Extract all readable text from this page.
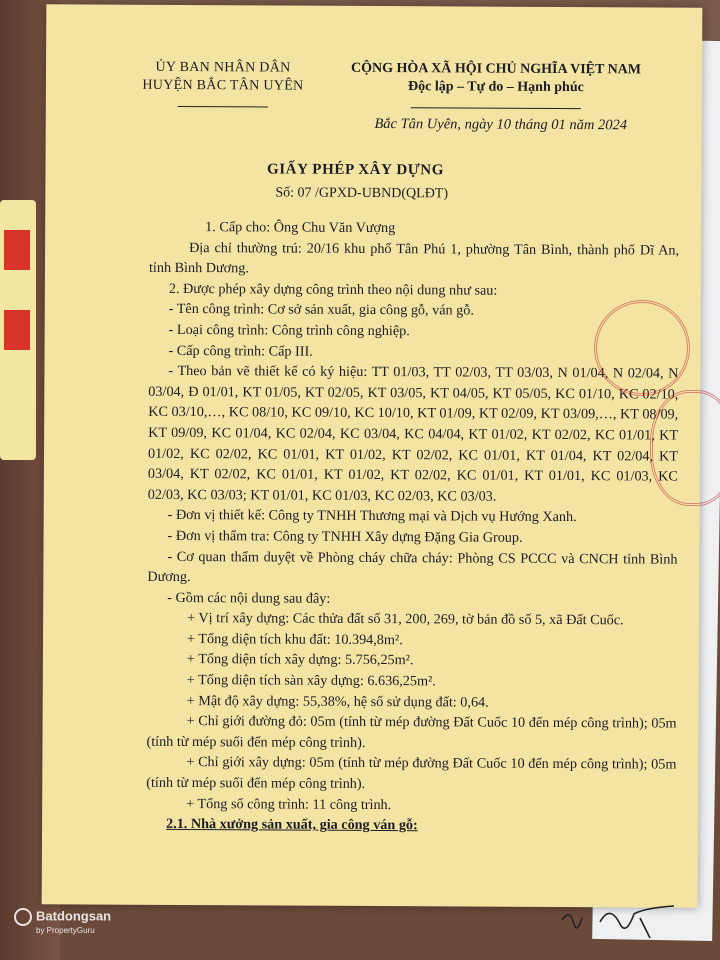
ỦY BAN NHÂN DÂN
HUYỆN BẮC TÂN UYÊN
CỘNG HÒA XÃ HỘI CHỦ NGHĨA VIỆT NAM
Độc lập – Tự do – Hạnh phúc
Bắc Tân Uyên, ngày 10 tháng 01 năm 2024
GIẤY PHÉP XÂY DỰNG
Số: 07 /GPXD-UBND(QLĐT)

1. Cấp cho: Ông Chu Văn Vượng

Địa chỉ thường trú: 20/16 khu phố Tân Phú 1, phường Tân Bình, thành phố Dĩ An, tỉnh Bình Dương.

2. Được phép xây dựng công trình theo nội dung như sau:

- Tên công trình: Cơ sở sản xuất, gia công gỗ, ván gỗ.

- Loại công trình: Công trình công nghiệp.

- Cấp công trình: Cấp III.

- Theo bản vẽ thiết kế có ký hiệu: TT 01/03, TT 02/03, TT 03/03, N 01/04, N 02/04, N 03/04, Đ 01/01, KT 01/05, KT 02/05, KT 03/05, KT 04/05, KT 05/05, KC 01/10, KC 02/10, KC 03/10,…, KC 08/10, KC 09/10, KC 10/10, KT 01/09, KT 02/09, KT 03/09,…, KT 08/09, KT 09/09, KC 01/04, KC 02/04, KC 03/04, KC 04/04, KT 01/02, KT 02/02, KC 01/01, KT 01/02, KC 02/02, KC 01/01, KT 01/02, KT 02/02, KC 01/01, KT 01/04, KT 02/04, KT 03/04, KT 02/02, KC 01/01, KT 01/02, KT 02/02, KC 01/01, KT 01/01, KC 01/03, KC 02/03, KC 03/03; KT 01/01, KC 01/03, KC 02/03, KC 03/03.

- Đơn vị thiết kế: Công ty TNHH Thương mại và Dịch vụ Hướng Xanh.

- Đơn vị thẩm tra: Công ty TNHH Xây dựng Đặng Gia Group.

- Cơ quan thẩm duyệt về Phòng cháy chữa cháy: Phòng CS PCCC và CNCH tỉnh Bình Dương.

- Gồm các nội dung sau đây:

+ Vị trí xây dựng: Các thửa đất số 31, 200, 269, tờ bản đồ số 5, xã Đất Cuốc.

+ Tổng diện tích khu đất: 10.394,8m².

+ Tổng diện tích xây dựng: 5.756,25m².

+ Tổng diện tích sàn xây dựng: 6.636,25m².

+ Mật độ xây dựng: 55,38%, hệ số sử dụng đất: 0,64.

+ Chỉ giới đường đỏ: 05m (tính từ mép đường Đất Cuốc 10 đến mép công trình); 05m (tính từ mép suối đến mép công trình).

+ Chỉ giới xây dựng: 05m (tính từ mép đường Đất Cuốc 10 đến mép công trình); 05m (tính từ mép suối đến mép công trình).

+ Tổng số công trình: 11 công trình.

2.1. Nhà xưởng sản xuất, gia công ván gỗ:

Batdongsan
by PropertyGuru
